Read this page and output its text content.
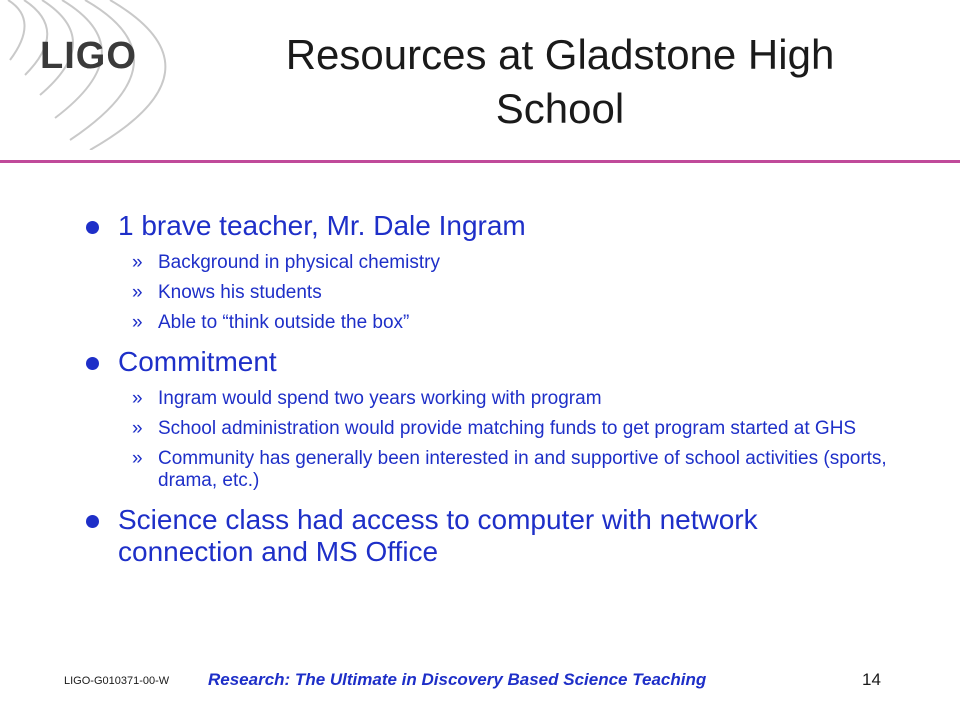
LIGO	Resources at Gladstone High School
1 brave teacher, Mr. Dale Ingram
» Background in physical chemistry
» Knows his students
» Able to “think outside the box”
Commitment
» Ingram would spend two years working with program
» School administration would provide matching funds to get program started at GHS
» Community has generally been interested in and supportive of school activities (sports, drama, etc.)
Science class had access to computer with network connection and MS Office
LIGO-G010371-00-W Research: The Ultimate in Discovery Based Science Teaching	14
